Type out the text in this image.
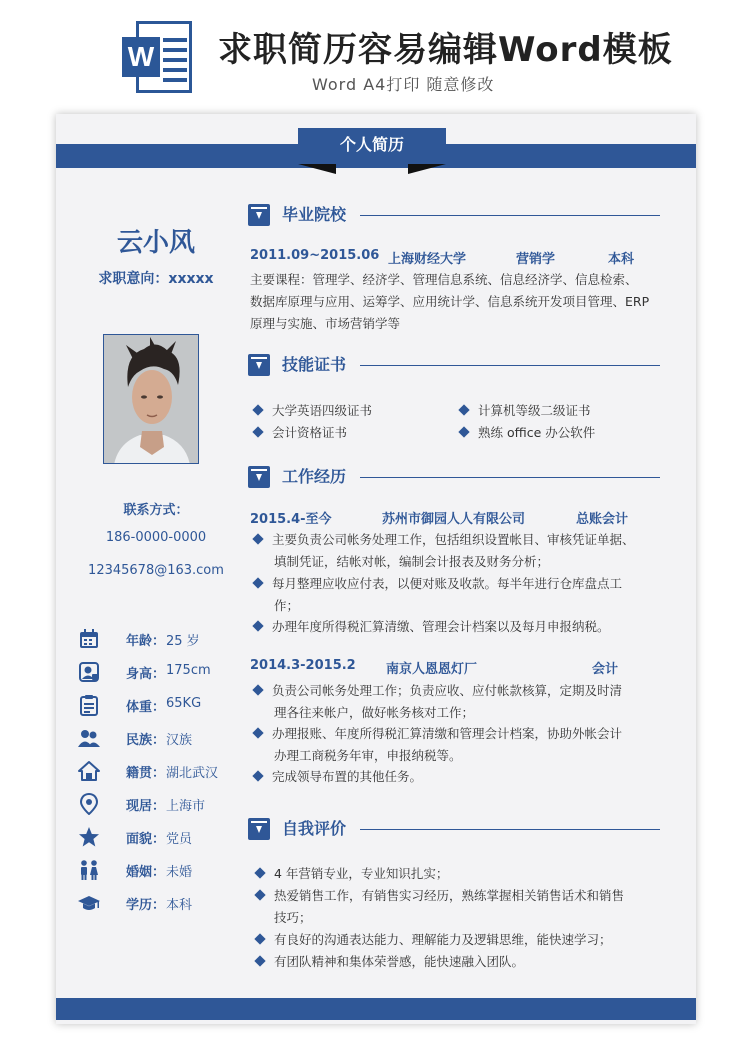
W 求职简历容易编辑Word模板
Word A4打印 随意修改
个人简历
云小风
求职意向：xxxxx
联系方式：
186-0000-0000
12345678@163.com
年龄： 25 岁
身高： 175cm
体重： 65KG
民族： 汉族
籍贯： 湖北武汉
现居： 上海市
面貌： 党员
婚姻： 未婚
学历： 本科
毕业院校
2011.09~2015.06 上海财经大学	营销学	本科
主要课程：管理学、经济学、管理信息系统、信息经济学、信息检索、
数据库原理与应用、运筹学、应用统计学、信息系统开发项目管理、ERP
原理与实施、市场营销学等
技能证书
大学英语四级证书	计算机等级二级证书
会计资格证书	熟练 office 办公软件
工作经历
2015.4-至今	苏州市御园人人有限公司	总账会计
主要负责公司帐务处理工作，包括组织设置帐目、审核凭证单据、
填制凭证，结帐对帐，编制会计报表及财务分析；
每月整理应收应付表，以便对账及收款。每半年进行仓库盘点工
作；
办理年度所得税汇算清缴、管理会计档案以及每月申报纳税。
2014.3-2015.2 南京人恩恩灯厂	会计
负责公司帐务处理工作；负责应收、应付帐款核算，定期及时清
理各往来帐户，做好帐务核对工作；
办理报账、年度所得税汇算清缴和管理会计档案，协助外帐会计
办理工商税务年审，申报纳税等。
完成领导布置的其他任务。
自我评价
4 年营销专业，专业知识扎实；
热爱销售工作，有销售实习经历，熟练掌握相关销售话术和销售
技巧；
有良好的沟通表达能力、理解能力及逻辑思维，能快速学习；
有团队精神和集体荣誉感，能快速融入团队。
